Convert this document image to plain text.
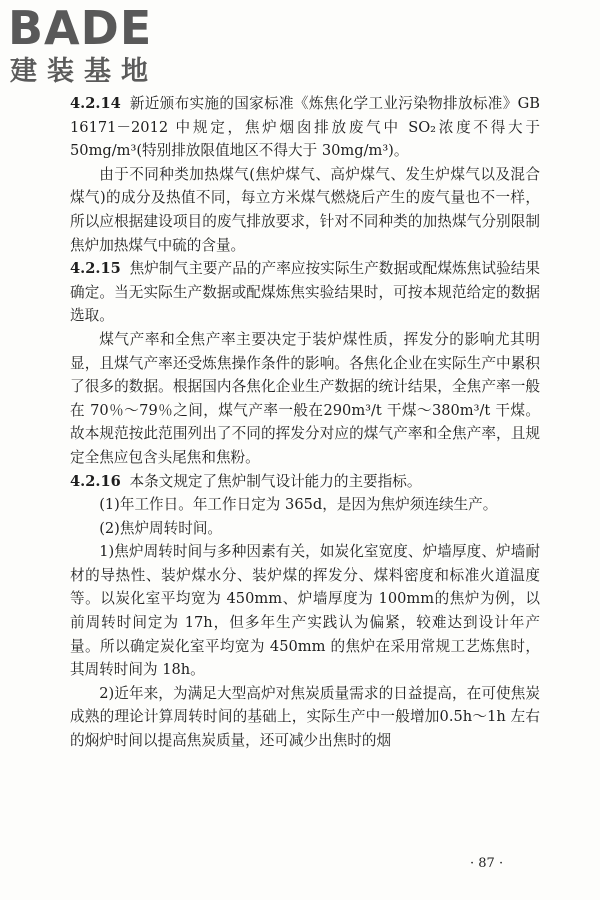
BADE
建装基地

4.2.14 新近颁布实施的国家标准《炼焦化学工业污染物排放标准》GB 16171－2012 中规定，焦炉烟囱排放废气中 SO₂浓度不得大于 50mg/m³(特别排放限值地区不得大于 30mg/m³)。

由于不同种类加热煤气(焦炉煤气、高炉煤气、发生炉煤气以及混合煤气)的成分及热值不同，每立方米煤气燃烧后产生的废气量也不一样，所以应根据建设项目的废气排放要求，针对不同种类的加热煤气分别限制焦炉加热煤气中硫的含量。

4.2.15 焦炉制气主要产品的产率应按实际生产数据或配煤炼焦试验结果确定。当无实际生产数据或配煤炼焦实验结果时，可按本规范给定的数据选取。

煤气产率和全焦产率主要决定于装炉煤性质，挥发分的影响尤其明显，且煤气产率还受炼焦操作条件的影响。各焦化企业在实际生产中累积了很多的数据。根据国内各焦化企业生产数据的统计结果，全焦产率一般在 70％～79％之间，煤气产率一般在290m³/t 干煤～380m³/t 干煤。故本规范按此范围列出了不同的挥发分对应的煤气产率和全焦产率，且规定全焦应包含头尾焦和焦粉。

4.2.16 本条文规定了焦炉制气设计能力的主要指标。

(1)年工作日。年工作日定为 365d，是因为焦炉须连续生产。

(2)焦炉周转时间。

1)焦炉周转时间与多种因素有关，如炭化室宽度、炉墙厚度、炉墙耐材的导热性、装炉煤水分、装炉煤的挥发分、煤料密度和标准火道温度等。以炭化室平均宽为 450mm、炉墙厚度为 100mm的焦炉为例，以前周转时间定为 17h，但多年生产实践认为偏紧，较难达到设计年产量。所以确定炭化室平均宽为 450mm 的焦炉在采用常规工艺炼焦时，其周转时间为 18h。

2)近年来，为满足大型高炉对焦炭质量需求的日益提高，在可使焦炭成熟的理论计算周转时间的基础上，实际生产中一般增加0.5h～1h 左右的焖炉时间以提高焦炭质量，还可减少出焦时的烟

· 87 ·
